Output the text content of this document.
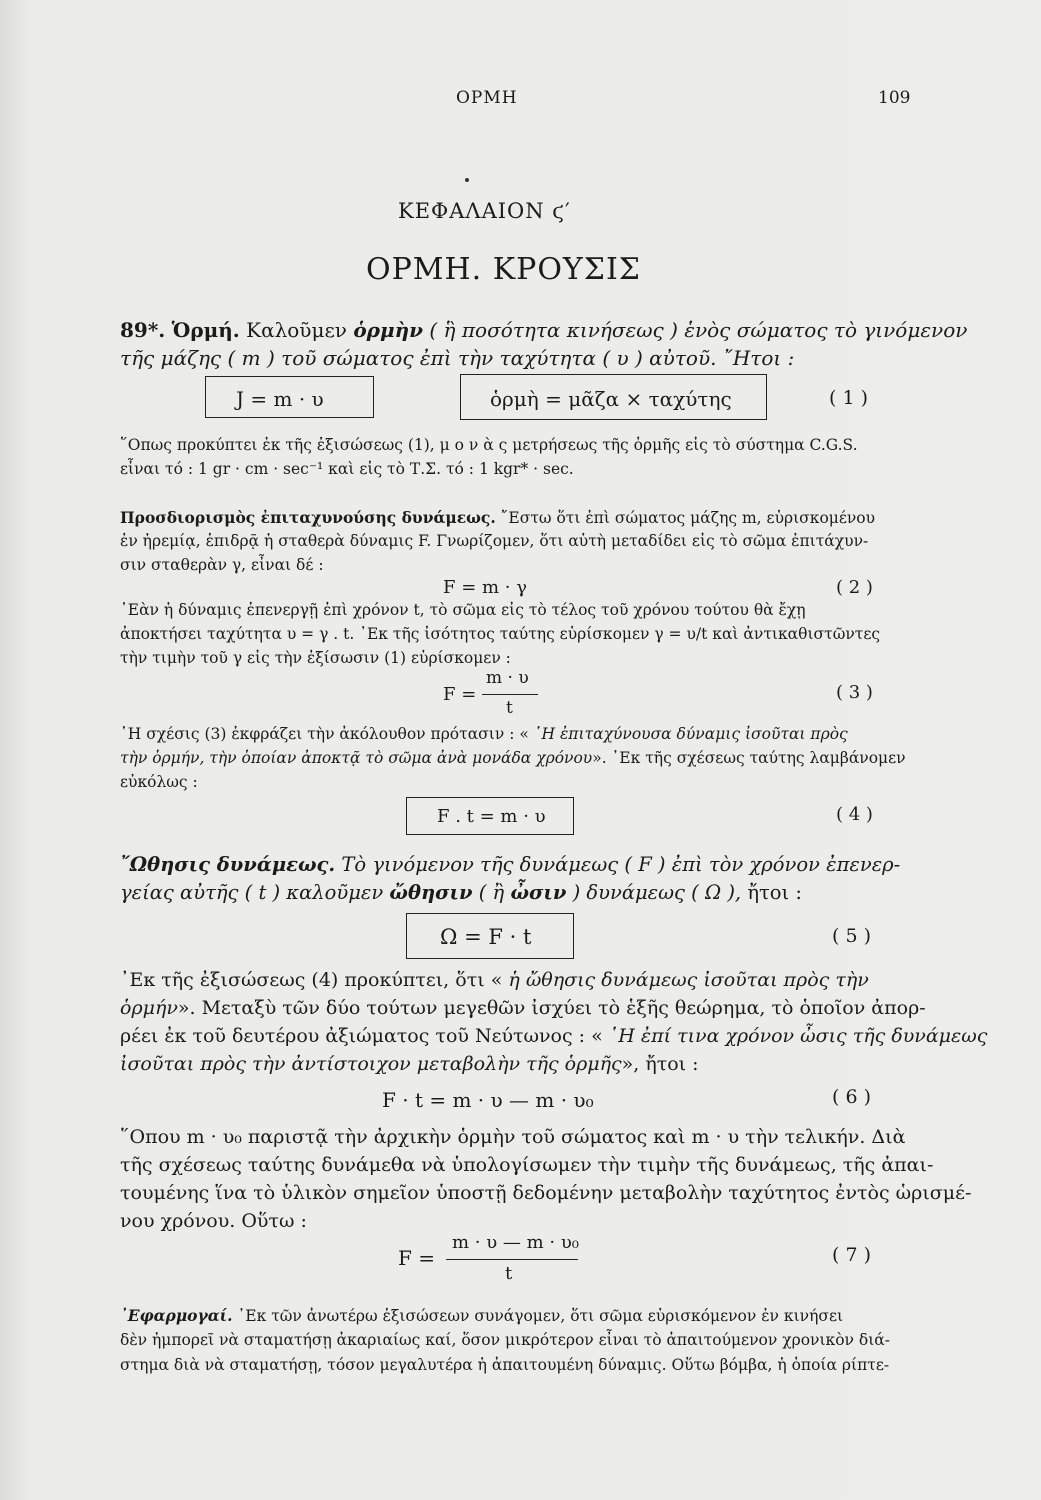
ΟΡΜΗ	109
ΚΕΦΑΛΑΙΟΝ ϛ′
ΟΡΜΗ. ΚΡΟΥΣΙΣ
89*. Ὁρμή. Καλοῦμεν ὁρμὴν ( ἣ ποσότητα κινήσεως ) ἑνὸς σώματος τὸ γινόμενον
τῆς μάζης ( m ) τοῦ σώματος ἐπὶ τὴν ταχύτητα ( υ ) αὐτοῦ. ῎Ητοι :
J = m · υ	ὁρμὴ = μᾶζα × ταχύτης	( 1 )
῞Οπως προκύπτει ἐκ τῆς ἐξισώσεως (1), μ ο ν ὰ ς μετρήσεως τῆς ὁρμῆς εἰς τὸ σύστημα C.G.S.
εἶναι τό : 1 gr · cm · sec⁻¹ καὶ εἰς τὸ Τ.Σ. τό : 1 kgr* · sec.
Προσδιορισμὸς ἐπιταχυνούσης δυνάμεως. ῎Εστω ὅτι ἐπὶ σώματος μάζης m, εὑρισκομένου
ἐν ἠρεμίᾳ, ἐπιδρᾷ ἡ σταθερὰ δύναμις F. Γνωρίζομεν, ὅτι αὐτὴ μεταδίδει εἰς τὸ σῶμα ἐπιτάχυν-
σιν σταθερὰν γ, εἶναι δέ :
F = m · γ	( 2 )
᾿Εὰν ἡ δύναμις ἐπενεργῇ ἐπὶ χρόνον t, τὸ σῶμα εἰς τὸ τέλος τοῦ χρόνου τούτου θὰ ἔχῃ
ἀποκτήσει ταχύτητα υ = γ . t. ᾿Εκ τῆς ἰσότητος ταύτης εὑρίσκομεν γ = υ/t καὶ ἀντικαθιστῶντες
τὴν τιμὴν τοῦ γ εἰς τὴν ἐξίσωσιν (1) εὑρίσκομεν :
F =
m · υ
t
( 3 )
῾Η σχέσις (3) ἐκφράζει τὴν ἀκόλουθον πρότασιν : « ῾Η ἐπιταχύνουσα δύναμις ἰσοῦται πρὸς
τὴν ὁρμήν, τὴν ὁποίαν ἀποκτᾷ τὸ σῶμα ἀνὰ μονάδα χρόνου». ᾿Εκ τῆς σχέσεως ταύτης λαμβάνομεν
εὐκόλως :
F . t = m · υ	( 4 )
῎Ωθησις δυνάμεως. Τὸ γινόμενον τῆς δυνάμεως ( F ) ἐπὶ τὸν χρόνον ἐπενερ-
γείας αὐτῆς ( t ) καλοῦμεν ὤθησιν ( ἢ ὦσιν ) δυνάμεως ( Ω ), ἤτοι :
Ω = F · t	( 5 )
᾿Εκ τῆς ἐξισώσεως (4) προκύπτει, ὅτι « ἡ ὤθησις δυνάμεως ἰσοῦται πρὸς τὴν
ὁρμήν». Μεταξὺ τῶν δύο τούτων μεγεθῶν ἰσχύει τὸ ἑξῆς θεώρημα, τὸ ὁποῖον ἀπορ-
ρέει ἐκ τοῦ δευτέρου ἀξιώματος τοῦ Νεύτωνος : « ῾Η ἐπί τινα χρόνον ὦσις τῆς δυνάμεως
ἰσοῦται πρὸς τὴν ἀντίστοιχον μεταβολὴν τῆς ὁρμῆς», ἤτοι :
F · t = m · υ — m · υ₀	( 6 )
῞Οπου m · υ₀ παριστᾷ τὴν ἀρχικὴν ὁρμὴν τοῦ σώματος καὶ m · υ τὴν τελικήν. Διὰ
τῆς σχέσεως ταύτης δυνάμεθα νὰ ὑπολογίσωμεν τὴν τιμὴν τῆς δυνάμεως, τῆς ἀπαι-
τουμένης ἵνα τὸ ὑλικὸν σημεῖον ὑποστῇ δεδομένην μεταβολὴν ταχύτητος ἐντὸς ὡρισμέ-
νου χρόνου. Οὕτω :
F =
m · υ — m · υ₀
t
( 7 )
᾿Εφαρμογαί. ᾿Εκ τῶν ἀνωτέρω ἐξισώσεων συνάγομεν, ὅτι σῶμα εὑρισκόμενον ἐν κινήσει
δὲν ἠμπορεῖ νὰ σταματήσῃ ἀκαριαίως καί, ὅσον μικρότερον εἶναι τὸ ἀπαιτούμενον χρονικὸν διά-
στημα διὰ νὰ σταματήσῃ, τόσον μεγαλυτέρα ἡ ἀπαιτουμένη δύναμις. Οὕτω βόμβα, ἡ ὁποία ρίπτε-
